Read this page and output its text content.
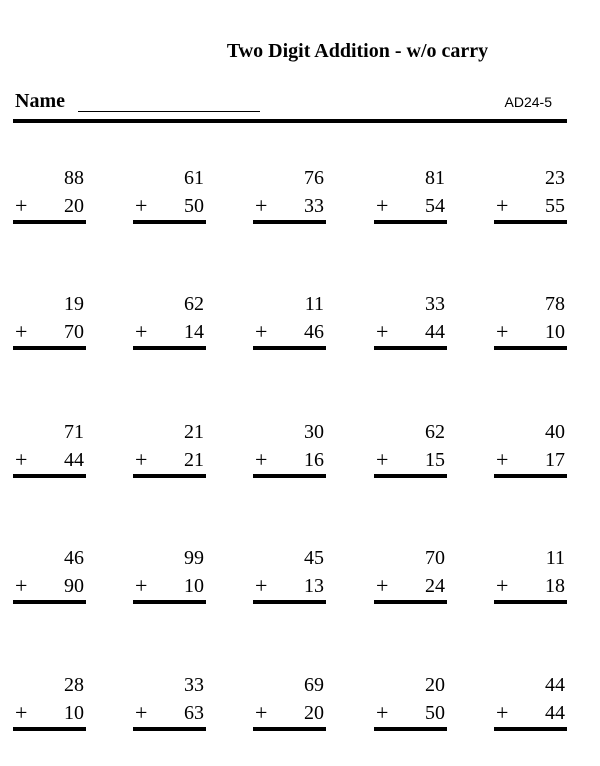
Two Digit Addition - w/o carry
Name	AD24-5
88
+ 20
61
+ 50
76
+ 33
81
+ 54
23
+ 55
19
+ 70
62
+ 14
11
+ 46
33
+ 44
78
+ 10
71
+ 44
21
+ 21
30
+ 16
62
+ 15
40
+ 17
46
+ 90
99
+ 10
45
+ 13
70
+ 24
11
+ 18
28
+ 10
33
+ 63
69
+ 20
20
+ 50
44
+ 44
